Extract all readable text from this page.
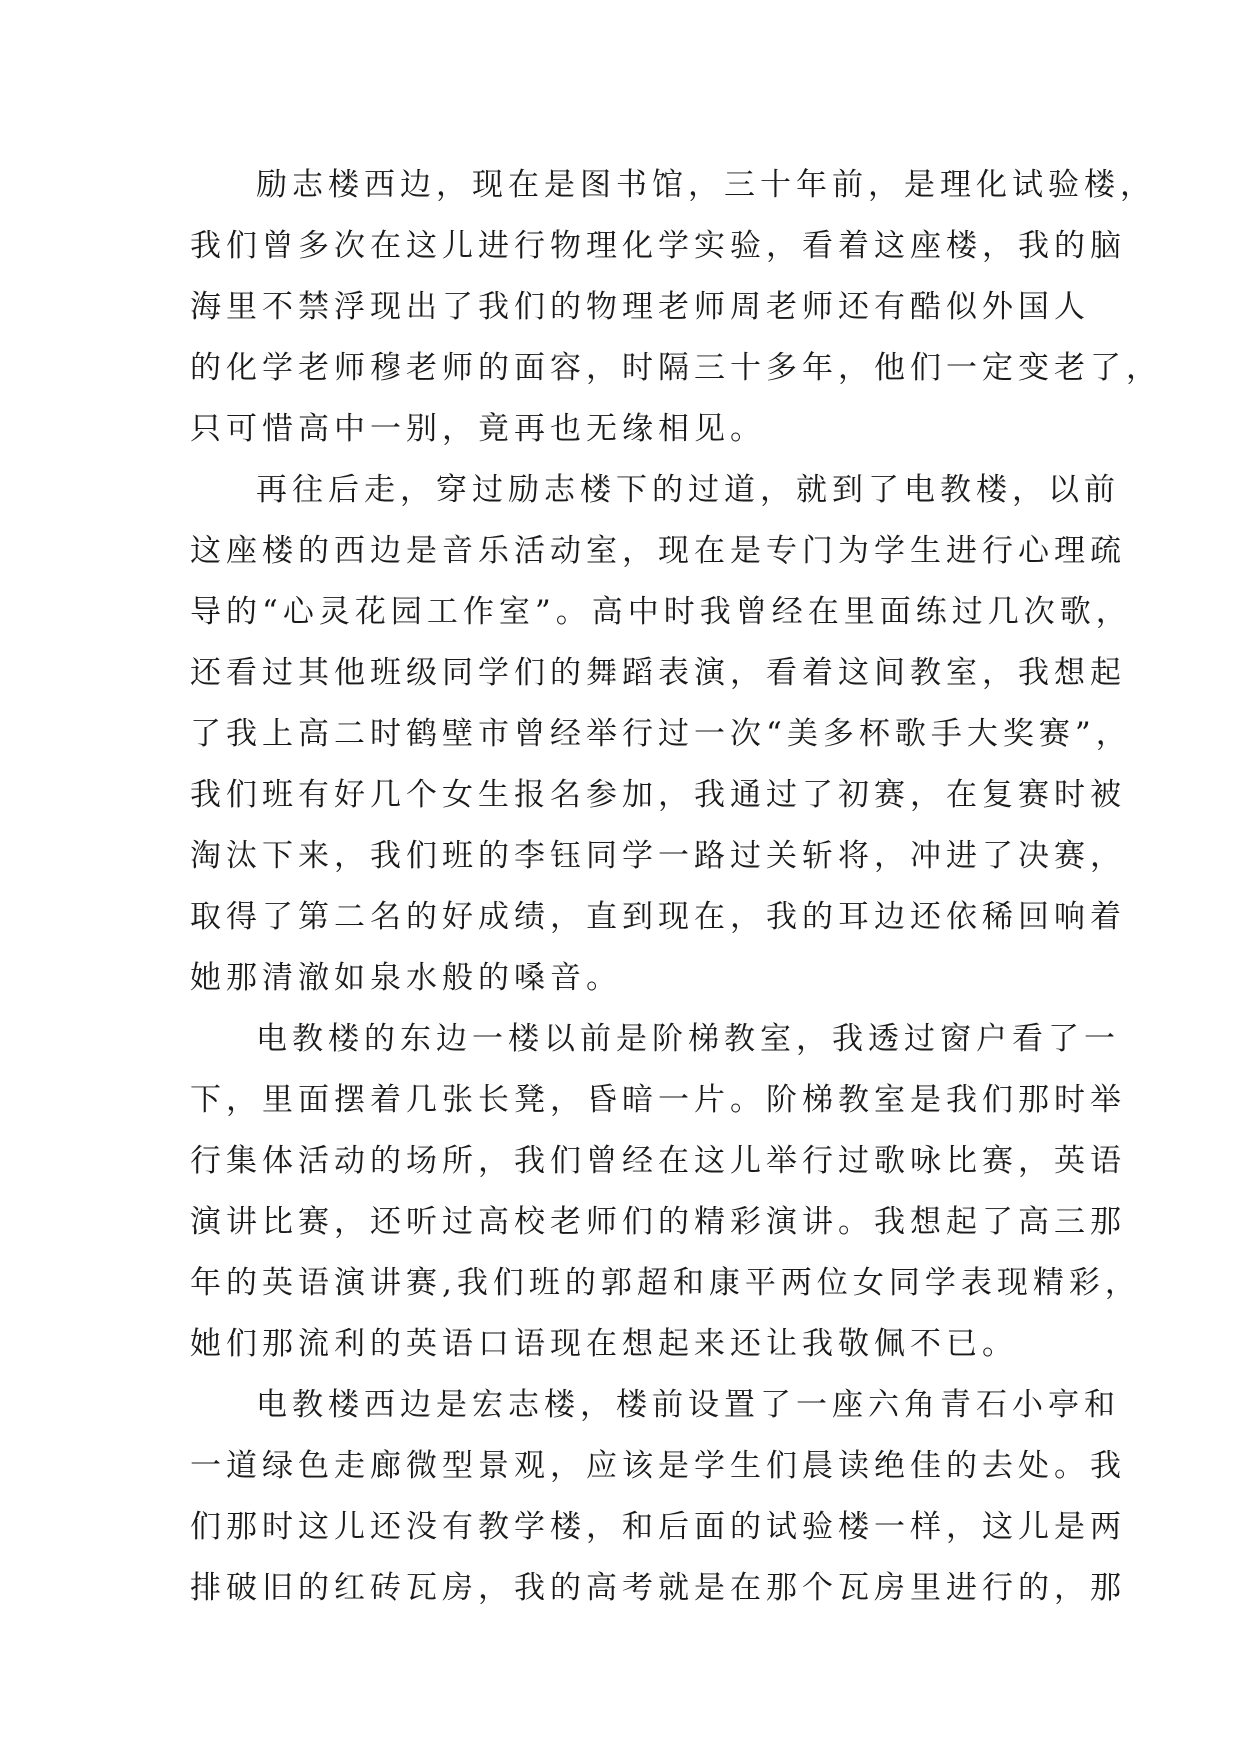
励志楼西边，现在是图书馆，三十年前，是理化试验楼，
我们曾多次在这儿进行物理化学实验，看着这座楼，我的脑
海里不禁浮现出了我们的物理老师周老师还有酷似外国人
的化学老师穆老师的面容，时隔三十多年，他们一定变老了，
只可惜高中一别，竟再也无缘相见。
再往后走，穿过励志楼下的过道，就到了电教楼，以前
这座楼的西边是音乐活动室，现在是专门为学生进行心理疏
导的“心灵花园工作室”。高中时我曾经在里面练过几次歌，
还看过其他班级同学们的舞蹈表演，看着这间教室，我想起
了我上高二时鹤壁市曾经举行过一次“美多杯歌手大奖赛”，
我们班有好几个女生报名参加，我通过了初赛，在复赛时被
淘汰下来，我们班的李钰同学一路过关斩将，冲进了决赛，
取得了第二名的好成绩，直到现在，我的耳边还依稀回响着
她那清澈如泉水般的嗓音。
电教楼的东边一楼以前是阶梯教室，我透过窗户看了一
下，里面摆着几张长凳，昏暗一片。阶梯教室是我们那时举
行集体活动的场所，我们曾经在这儿举行过歌咏比赛，英语
演讲比赛，还听过高校老师们的精彩演讲。我想起了高三那
年的英语演讲赛,我们班的郭超和康平两位女同学表现精彩，
她们那流利的英语口语现在想起来还让我敬佩不已。
电教楼西边是宏志楼，楼前设置了一座六角青石小亭和
一道绿色走廊微型景观，应该是学生们晨读绝佳的去处。我
们那时这儿还没有教学楼，和后面的试验楼一样，这儿是两
排破旧的红砖瓦房，我的高考就是在那个瓦房里进行的，那
